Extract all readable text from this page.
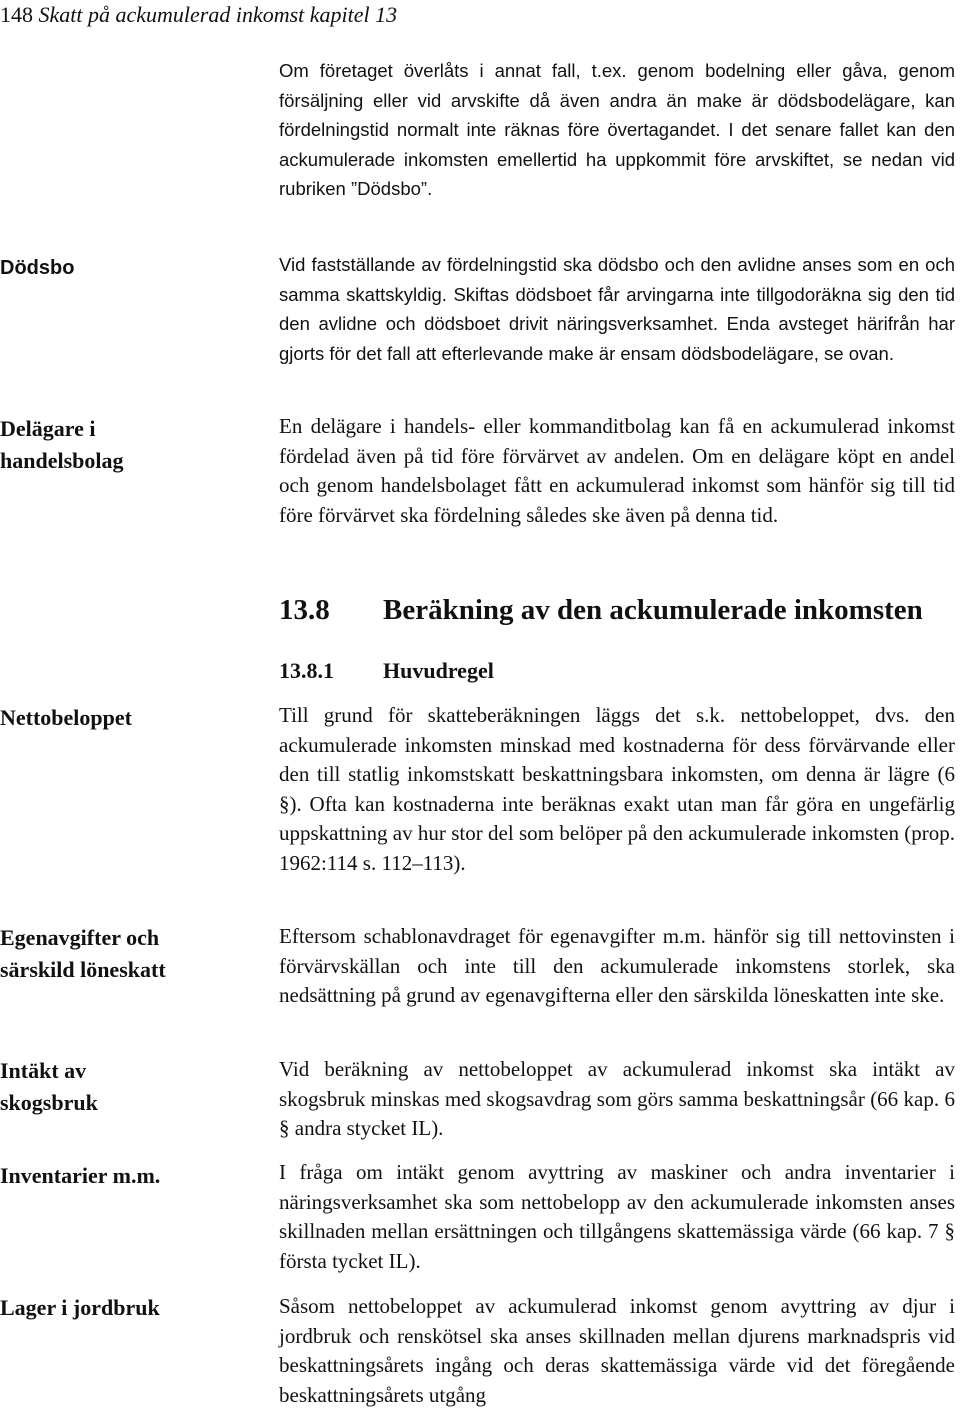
148 Skatt på ackumulerad inkomst kapitel 13

Dödsbo

Delägare i handelsbolag

Nettobeloppet

Egenavgifter och särskild löneskatt

Intäkt av skogsbruk

Inventarier m.m.

Lager i jordbruk

Om företaget överlåts i annat fall, t.ex. genom bodelning eller gåva, genom försäljning eller vid arvskifte då även andra än make är dödsbodelägare, kan fördelningstid normalt inte räknas före övertagandet. I det senare fallet kan den ackumulerade inkomsten emellertid ha uppkommit före arvskiftet, se nedan vid rubriken ”Dödsbo”.

Vid fastställande av fördelningstid ska dödsbo och den avlidne anses som en och samma skattskyldig. Skiftas dödsboet får arvingarna inte tillgodoräkna sig den tid den avlidne och dödsboet drivit näringsverksamhet. Enda avsteget härifrån har gjorts för det fall att efterlevande make är ensam dödsbodelägare, se ovan.

En delägare i handels- eller kommanditbolag kan få en ackumulerad inkomst fördelad även på tid före förvärvet av andelen. Om en delägare köpt en andel och genom handelsbolaget fått en ackumulerad inkomst som hänför sig till tid före förvärvet ska fördelning således ske även på denna tid.

13.8 Beräkning av den ackumulerade inkomsten
13.8.1 Huvudregel

Till grund för skatteberäkningen läggs det s.k. nettobeloppet, dvs. den ackumulerade inkomsten minskad med kostnaderna för dess förvärvande eller den till statlig inkomstskatt beskattningsbara inkomsten, om denna är lägre (6 §). Ofta kan kostnaderna inte beräknas exakt utan man får göra en ungefärlig uppskattning av hur stor del som belöper på den ackumulerade inkomsten (prop. 1962:114 s. 112–113).

Eftersom schablonavdraget för egenavgifter m.m. hänför sig till nettovinsten i förvärvskällan och inte till den ackumulerade inkomstens storlek, ska nedsättning på grund av egenavgifterna eller den särskilda löneskatten inte ske.

Vid beräkning av nettobeloppet av ackumulerad inkomst ska intäkt av skogsbruk minskas med skogsavdrag som görs samma beskattningsår (66 kap. 6 § andra stycket IL).

I fråga om intäkt genom avyttring av maskiner och andra inventarier i näringsverksamhet ska som nettobelopp av den ackumulerade inkomsten anses skillnaden mellan ersättningen och tillgångens skattemässiga värde (66 kap. 7 § första tycket IL).

Såsom nettobeloppet av ackumulerad inkomst genom avyttring av djur i jordbruk och renskötsel ska anses skillnaden mellan djurens marknadspris vid beskattningsårets ingång och deras skattemässiga värde vid det föregående beskattningsårets utgång
